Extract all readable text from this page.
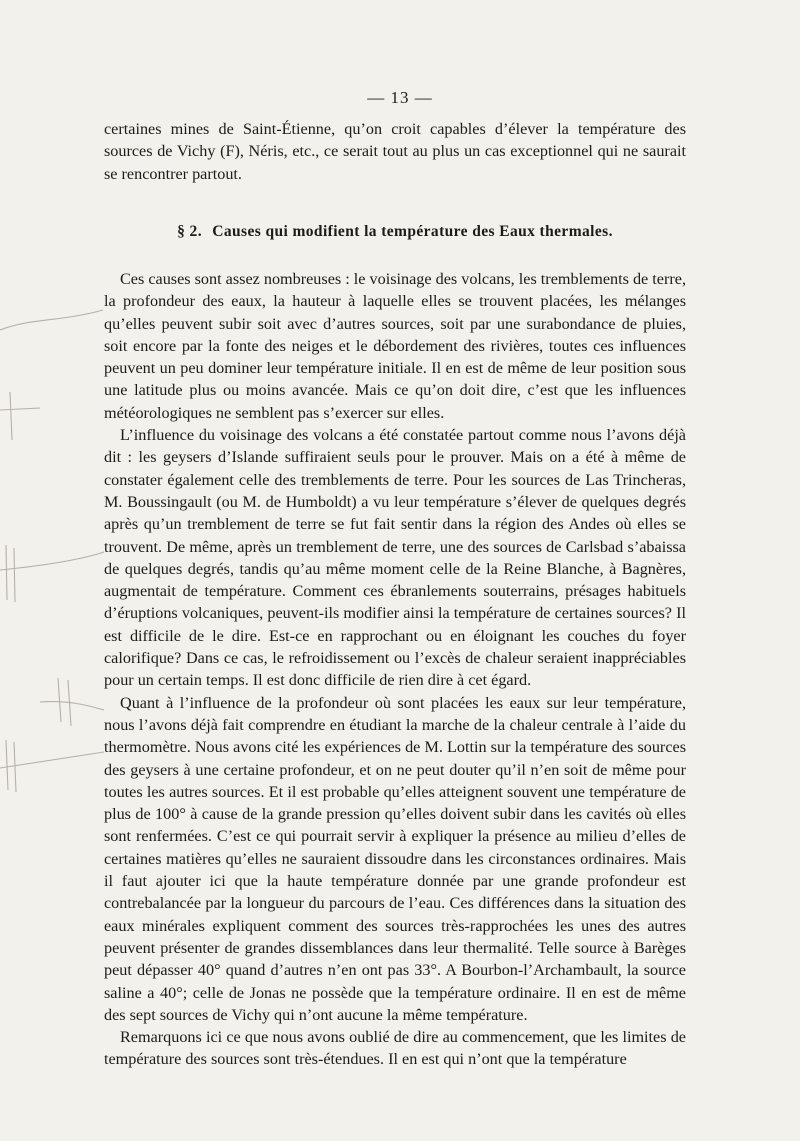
— 13 —

certaines mines de Saint-Étienne, qu’on croit capables d’élever la température des sources de Vichy (F), Néris, etc., ce serait tout au plus un cas exceptionnel qui ne saurait se rencontrer partout.

§ 2. Causes qui modifient la température des Eaux thermales.

Ces causes sont assez nombreuses : le voisinage des volcans, les tremblements de terre, la profondeur des eaux, la hauteur à laquelle elles se trouvent placées, les mélanges qu’elles peuvent subir soit avec d’autres sources, soit par une surabondance de pluies, soit encore par la fonte des neiges et le débordement des rivières, toutes ces influences peuvent un peu dominer leur température initiale. Il en est de même de leur position sous une latitude plus ou moins avancée. Mais ce qu’on doit dire, c’est que les influences météorologiques ne semblent pas s’exercer sur elles.

L’influence du voisinage des volcans a été constatée partout comme nous l’avons déjà dit : les geysers d’Islande suffiraient seuls pour le prouver. Mais on a été à même de constater également celle des tremblements de terre. Pour les sources de Las Trincheras, M. Boussingault (ou M. de Humboldt) a vu leur température s’élever de quelques degrés après qu’un tremblement de terre se fut fait sentir dans la région des Andes où elles se trouvent. De même, après un tremblement de terre, une des sources de Carlsbad s’abaissa de quelques degrés, tandis qu’au même moment celle de la Reine Blanche, à Bagnères, augmentait de température. Comment ces ébranlements souterrains, présages habituels d’éruptions volcaniques, peuvent-ils modifier ainsi la température de certaines sources? Il est difficile de le dire. Est-ce en rapprochant ou en éloignant les couches du foyer calorifique? Dans ce cas, le refroidissement ou l’excès de chaleur seraient inappréciables pour un certain temps. Il est donc difficile de rien dire à cet égard.

Quant à l’influence de la profondeur où sont placées les eaux sur leur température, nous l’avons déjà fait comprendre en étudiant la marche de la chaleur centrale à l’aide du thermomètre. Nous avons cité les expériences de M. Lottin sur la température des sources des geysers à une certaine profondeur, et on ne peut douter qu’il n’en soit de même pour toutes les autres sources. Et il est probable qu’elles atteignent souvent une température de plus de 100° à cause de la grande pression qu’elles doivent subir dans les cavités où elles sont renfermées. C’est ce qui pourrait servir à expliquer la présence au milieu d’elles de certaines matières qu’elles ne sauraient dissoudre dans les circonstances ordinaires. Mais il faut ajouter ici que la haute température donnée par une grande profondeur est contrebalancée par la longueur du parcours de l’eau. Ces différences dans la situation des eaux minérales expliquent comment des sources très-rapprochées les unes des autres peuvent présenter de grandes dissemblances dans leur thermalité. Telle source à Barèges peut dépasser 40° quand d’autres n’en ont pas 33°. A Bourbon-l’Archambault, la source saline a 40°; celle de Jonas ne possède que la température ordinaire. Il en est de même des sept sources de Vichy qui n’ont aucune la même température.

Remarquons ici ce que nous avons oublié de dire au commencement, que les limites de température des sources sont très-étendues. Il en est qui n’ont que la température
